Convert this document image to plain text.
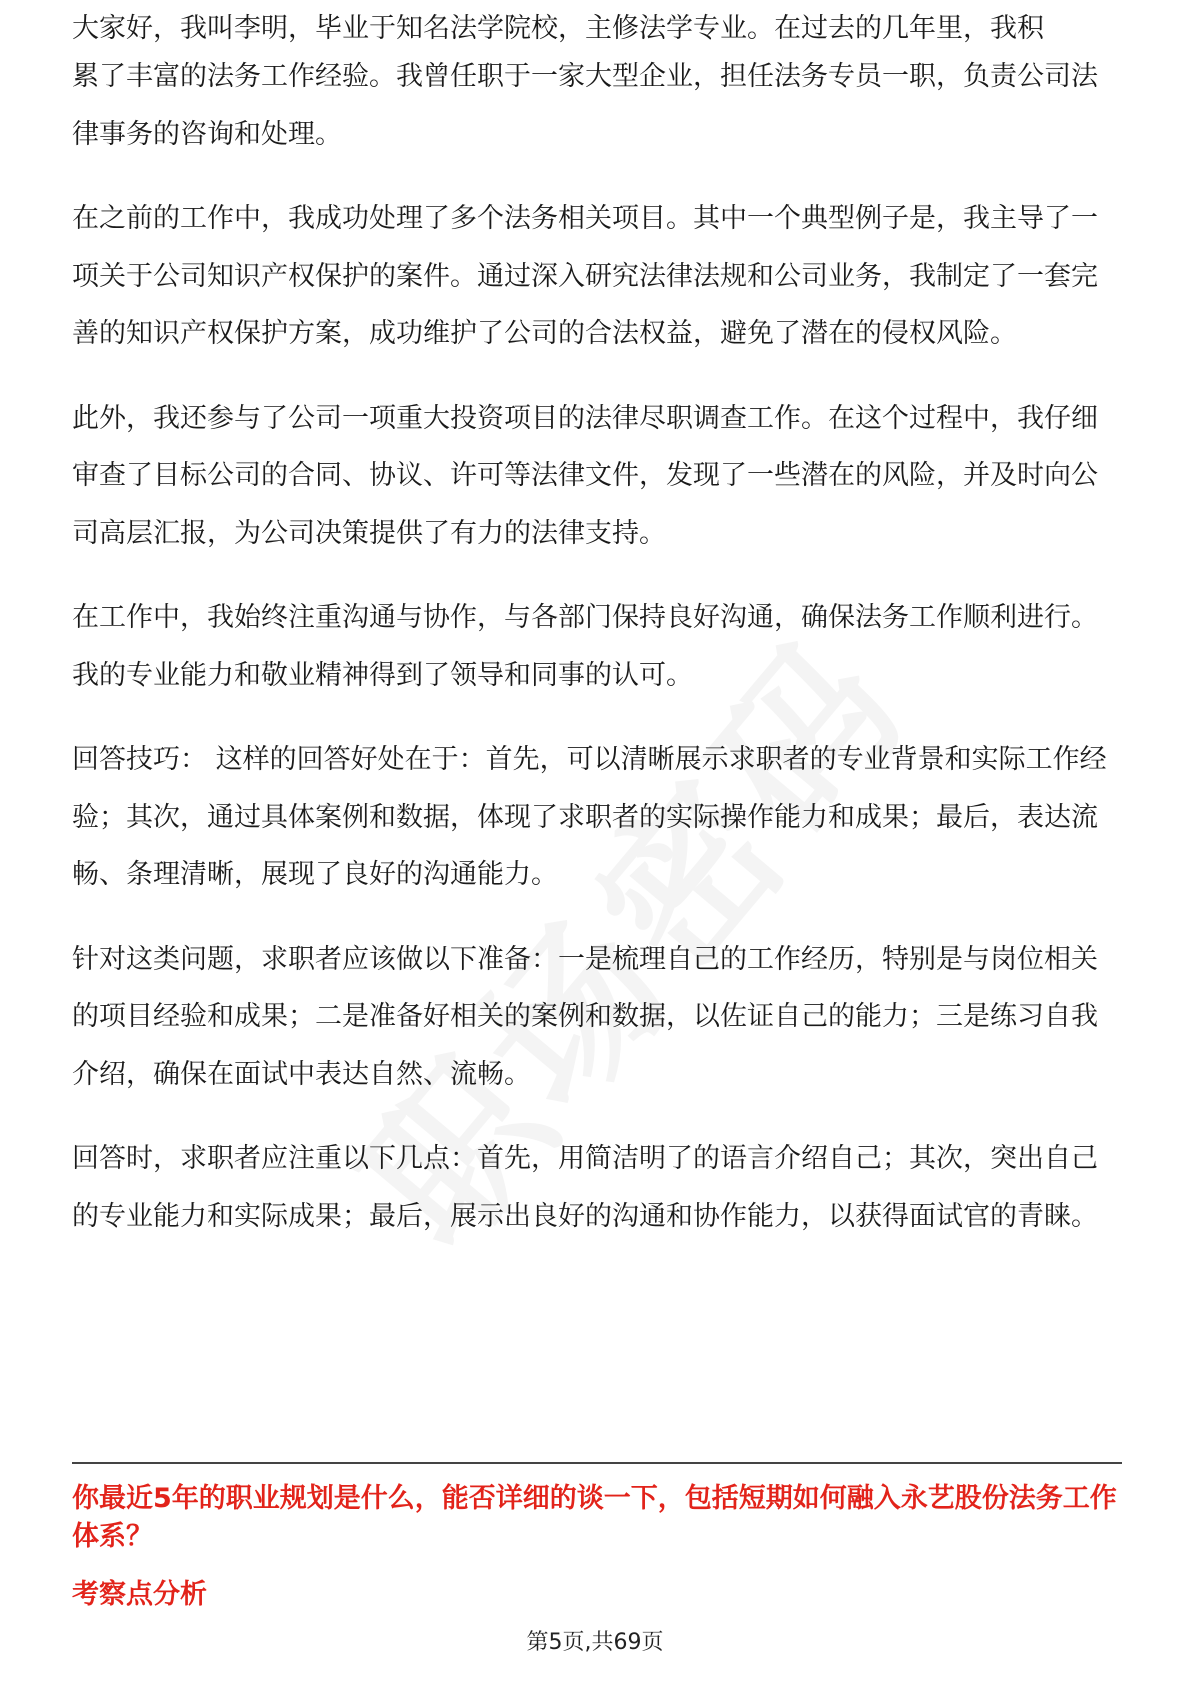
大家好，我叫李明，毕业于知名法学院校，主修法学专业。在过去的几年里，我积

累了丰富的法务工作经验。我曾任职于一家大型企业，担任法务专员一职，负责公司法律事务的咨询和处理。

在之前的工作中，我成功处理了多个法务相关项目。其中一个典型例子是，我主导了一项关于公司知识产权保护的案件。通过深入研究法律法规和公司业务，我制定了一套完善的知识产权保护方案，成功维护了公司的合法权益，避免了潜在的侵权风险。

此外，我还参与了公司一项重大投资项目的法律尽职调查工作。在这个过程中，我仔细审查了目标公司的合同、协议、许可等法律文件，发现了一些潜在的风险，并及时向公司高层汇报，为公司决策提供了有力的法律支持。

在工作中，我始终注重沟通与协作，与各部门保持良好沟通，确保法务工作顺利进行。我的专业能力和敬业精神得到了领导和同事的认可。

回答技巧： 这样的回答好处在于：首先，可以清晰展示求职者的专业背景和实际工作经验；其次，通过具体案例和数据，体现了求职者的实际操作能力和成果；最后，表达流畅、条理清晰，展现了良好的沟通能力。

针对这类问题，求职者应该做以下准备：一是梳理自己的工作经历，特别是与岗位相关的项目经验和成果；二是准备好相关的案例和数据，以佐证自己的能力；三是练习自我介绍，确保在面试中表达自然、流畅。

回答时，求职者应注重以下几点：首先，用简洁明了的语言介绍自己；其次，突出自己的专业能力和实际成果；最后，展示出良好的沟通和协作能力，以获得面试官的青睐。

你最近5年的职业规划是什么，能否详细的谈一下，包括短期如何融入永艺股份法务工作体系？
考察点分析
第5页,共69页
